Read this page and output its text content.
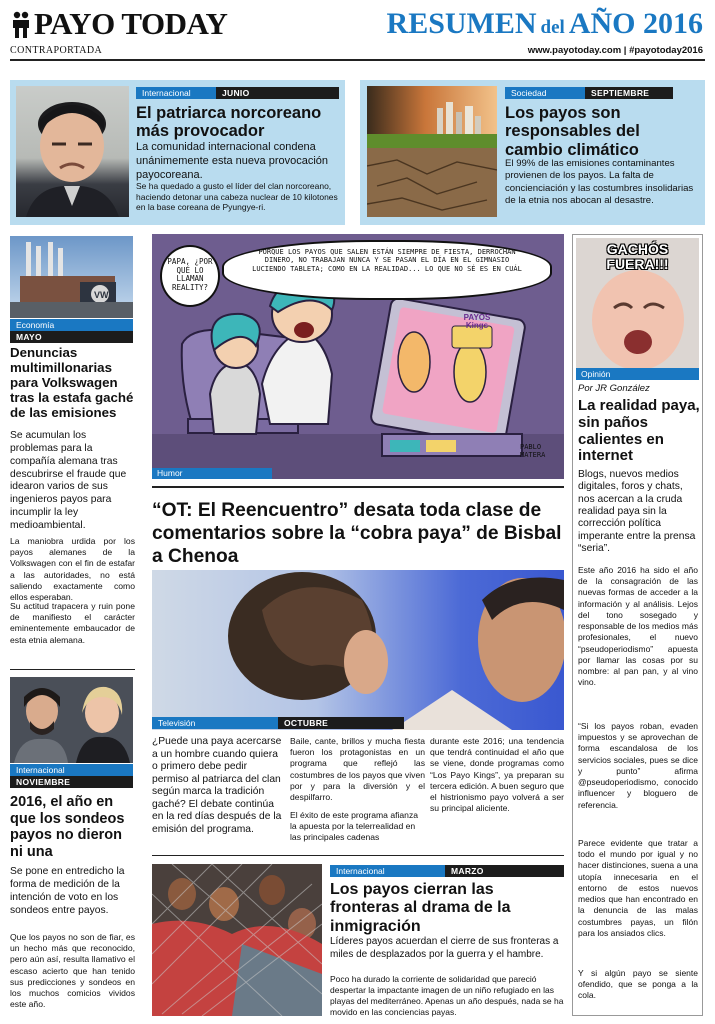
PAYO TODAY
CONTRAPORTADA
RESUMEN del AÑO 2016
www.payotoday.com | #payotoday2016
Internacional	JUNIO
El patriarca norcoreano más provocador
La comunidad internacional condena unánimemente esta nueva provocación payocoreana.
Se ha quedado a gusto el líder del clan norcoreano, haciendo detonar una cabeza nuclear de 10 kilotones en la base coreana de Pyungye-ri.
Sociedad	SEPTIEMBRE
Los payos son responsables del cambio climático
El 99% de las emisiones contaminantes provienen de los payos. La falta de concienciación y las costumbres insolidarias de la etnia nos abocan al desastre.
VW
Economía
MAYO
Denuncias multimillonarias para Volkswagen tras la estafa gaché de las emisiones
Se acumulan los problemas para la compañía alemana tras descubrirse el fraude que idearon varios de sus ingenieros payos para incumplir la ley medioambiental.
La maniobra urdida por los payos alemanes de la Volkswagen con el fin de estafar a las autoridades, no está saliendo exactamente como ellos esperaban.
Su actitud trapacera y ruin pone de manifiesto el carácter eminentemente embaucador de esta etnia alemana.
Internacional
NOVIEMBRE
2016, el año en que los sondeos payos no dieron ni una
Se pone en entredicho la forma de medición de la intención de voto en los sondeos entre payos.
Que los payos no son de fiar, es un hecho más que reconocido, pero aún así, resulta llamativo el escaso acierto que han tenido sus predicciones y sondeos en los muchos comicios vividos este año.
PAPA, ¿POR QUÉ LO LLAMAN REALITY?
PORQUE LOS PAYOS QUE SALEN ESTÁN SIEMPRE DE FIESTA, DERROCHAN DINERO, NO TRABAJAN NUNCA Y SE PASAN EL DÍA EN EL GIMNASIO LUCIENDO TABLETA; COMO EN LA REALIDAD... LO QUE NO SÉ ES EN CUÁL
PAYOS Kings
PABLO MATERA
Humor
“OT: El Reencuentro” desata toda clase de comentarios sobre la “cobra paya” de Bisbal a Chenoa
Televisión	OCTUBRE
¿Puede una paya acercarse a un hombre cuando quiera o primero debe pedir permiso al patriarca del clan según marca la tradición gaché? El debate continúa en la red días después de la emisión del programa.
Baile, cante, brillos y mucha fiesta fueron los protagonistas en un programa que reflejó las costumbres de los payos que viven por y para la diversión y el despilfarro.
El éxito de este programa afianza la apuesta por la telerrealidad en las principales cadenas
durante este 2016; una tendencia que tendrá continuidad el año que se viene, donde programas como “Los Payo Kings”, ya preparan su tercera edición. A buen seguro que el histrionismo payo volverá a ser su principal aliciente.
Internacional	MARZO
Los payos cierran las fronteras al drama de la inmigración
Líderes payos acuerdan el cierre de sus fronteras a miles de desplazados por la guerra y el hambre.
Poco ha durado la corriente de solidaridad que pareció despertar la impactante imagen de un niño refugiado en las playas del mediterráneo. Apenas un año después, nada se ha movido en las conciencias payas.
GACHÓS FUERA!!!
Opinión
Por JR González
La realidad paya, sin paños calientes en internet
Blogs, nuevos medios digitales, foros y chats, nos acercan a la cruda realidad paya sin la corrección política imperante entre la prensa “seria”.
Este año 2016 ha sido el año de la consagración de las nuevas formas de acceder a la información y al análisis. Lejos del tono sosegado y responsable de los medios más profesionales, el nuevo “pseudoperiodismo” apuesta por llamar las cosas por su nombre: al pan pan, y al vino vino.
“Si los payos roban, evaden impuestos y se aprovechan de forma escandalosa de los servicios sociales, pues se dice y punto” afirma @pseudoperiodismo, conocido influencer y bloguero de referencia.
Parece evidente que tratar a todo el mundo por igual y no hacer distinciones, suena a una utopía innecesaria en el entorno de estos nuevos medios que han encontrado en la denuncia de las malas costumbres payas, un filón para los ansiados clics.
Y si algún payo se siente ofendido, que se ponga a la cola.
